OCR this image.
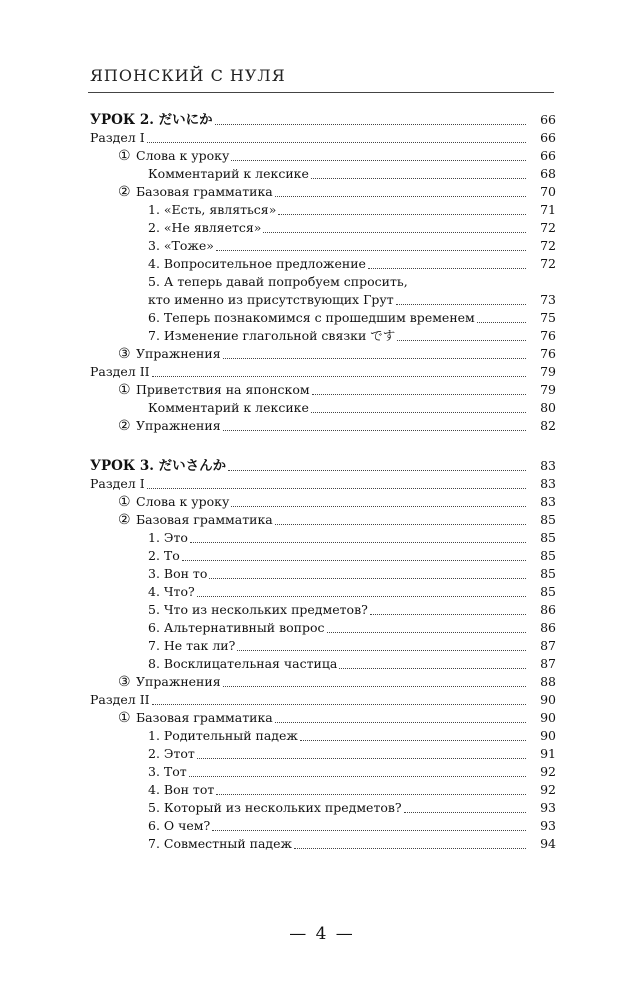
ЯПОНСКИЙ С НУЛЯ
УРОК 2. だいにか	66
Раздел I	66
① Слова к уроку	66
Комментарий к лексике	68
② Базовая грамматика	70
1. «Есть, являться»	71
2. «Не является»	72
3. «Тоже»	72
4. Вопросительное предложение	72
5. А теперь давай попробуем спросить,
кто именно из присутствующих Грут	73
6. Теперь познакомимся с прошедшим временем	75
7. Изменение глагольной связки です	76
③ Упражнения	76
Раздел II	79
① Приветствия на японском	79
Комментарий к лексике	80
② Упражнения	82
УРОК 3. だいさんか	83
Раздел I	83
① Слова к уроку	83
② Базовая грамматика	85
1. Это	85
2. То	85
3. Вон то	85
4. Что?	85
5. Что из нескольких предметов?	86
6. Альтернативный вопрос	86
7. Не так ли?	87
8. Восклицательная частица	87
③ Упражнения	88
Раздел II	90
① Базовая грамматика	90
1. Родительный падеж	90
2. Этот	91
3. Тот	92
4. Вон тот	92
5. Который из нескольких предметов?	93
6. О чем?	93
7. Совместный падеж	94
— 4 —
